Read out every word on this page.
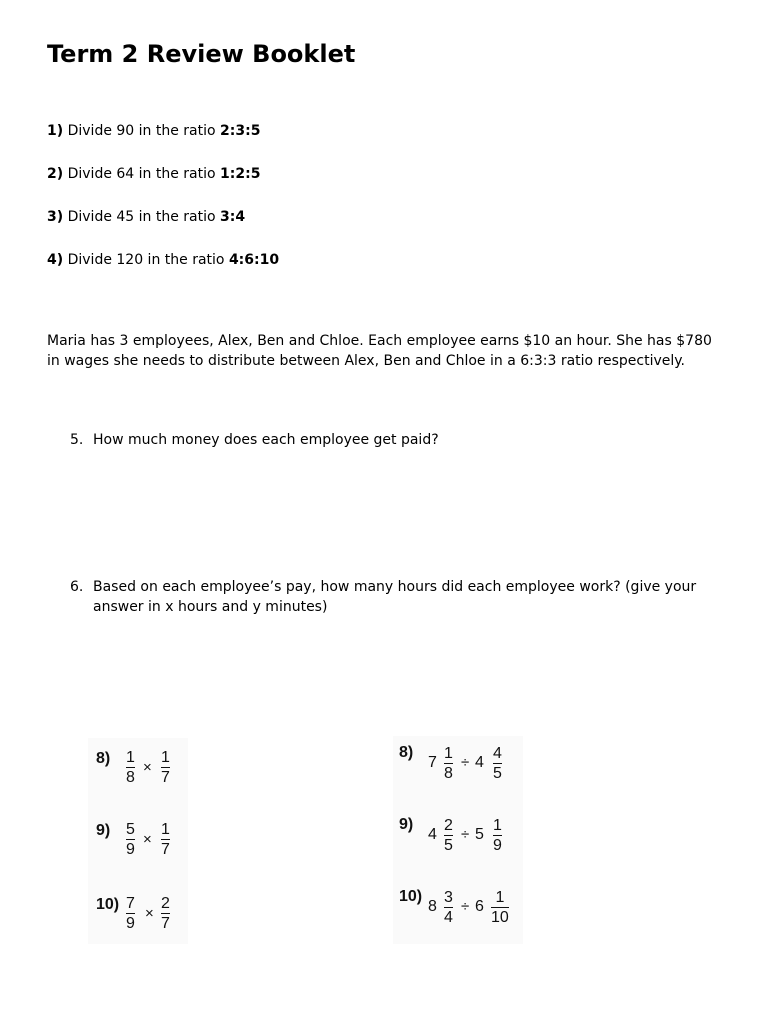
Term 2 Review Booklet
1) Divide 90 in the ratio 2:3:5
2) Divide 64 in the ratio 1:2:5
3) Divide 45 in the ratio 3:4
4) Divide 120 in the ratio 4:6:10

Maria has 3 employees, Alex, Ben and Chloe. Each employee earns $10 an hour. She has $780 in wages she needs to distribute between Alex, Ben and Chloe in a 6:3:3 ratio respectively.

5. How much money does each employee get paid?
6. Based on each employee’s pay, how many hours did each employee work? (give your answer in x hours and y minutes)
8) 1
8
×
1
7
9) 5
9
×
1
7
10) 7
9
×
2
7
8)
7
1
8
÷ 4
4
5
9)
4
2
5
÷ 5
1
9
10)
8
3
4
÷ 6
1
10
